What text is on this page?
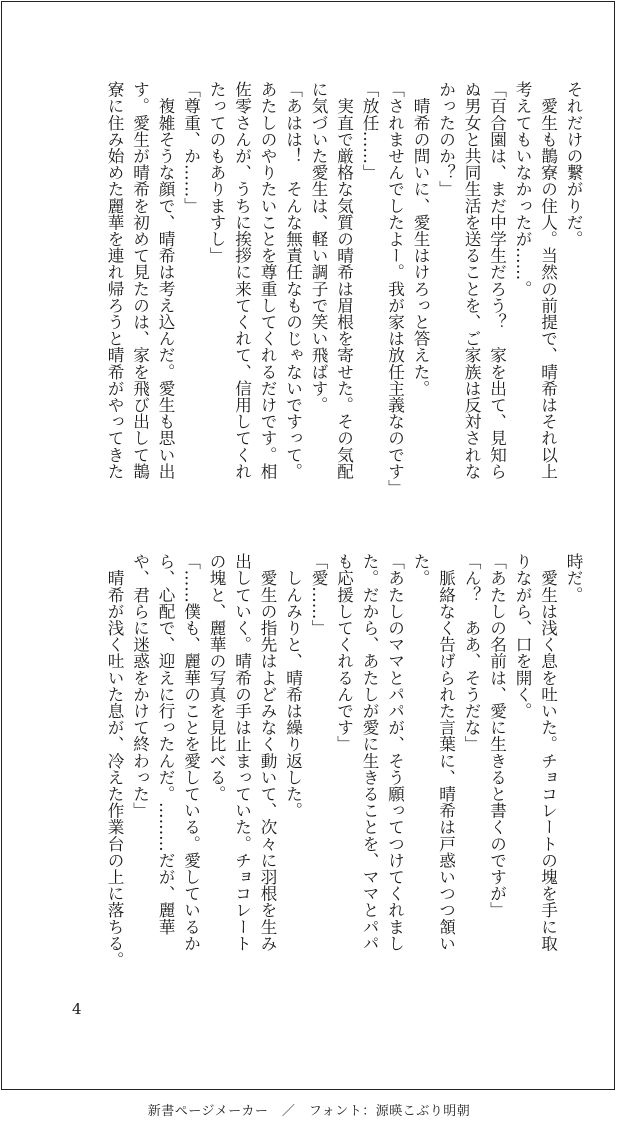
それだけの繋がりだ。
　愛生も鵲寮の住人。当然の前提で、晴希はそれ以上
考えてもいなかったが……。
「百合園は、まだ中学生だろう？　家を出て、見知ら
ぬ男女と共同生活を送ることを、ご家族は反対されな
かったのか？」
　晴希の問いに、愛生はけろっと答えた。
「されませんでしたよー。我が家は放任主義なのです」
「放任……」
　実直で厳格な気質の晴希は眉根を寄せた。その気配
に気づいた愛生は、軽い調子で笑い飛ばす。
「あはは！　そんな無責任なものじゃないですって。
あたしのやりたいことを尊重してくれるだけです。相
佐零さんが、うちに挨拶に来てくれて、信用してくれ
たってのもありますし」
「尊重、か……」
　複雑そうな顔で、晴希は考え込んだ。愛生も思い出
す。愛生が晴希を初めて見たのは、家を飛び出して鵲
寮に住み始めた麗華を連れ帰ろうと晴希がやってきた
時だ。
　愛生は浅く息を吐いた。チョコレートの塊を手に取
りながら、口を開く。
「あたしの名前は、愛に生きると書くのですが」
「ん？　ああ、そうだな」
　脈絡なく告げられた言葉に、晴希は戸惑いつつ頷い
た。
「あたしのママとパパが、そう願ってつけてくれまし
た。だから、あたしが愛に生きることを、ママとパパ
も応援してくれるんです」
「愛……」
　しんみりと、晴希は繰り返した。
　愛生の指先はよどみなく動いて、次々に羽根を生み
出していく。晴希の手は止まっていた。チョコレート
の塊と、麗華の写真を見比べる。
「……僕も、麗華のことを愛している。愛しているか
ら、心配で、迎えに行ったんだ。………だが、麗華
や、君らに迷惑をかけて終わった」
　晴希が浅く吐いた息が、冷えた作業台の上に落ちる。
4
新書ページメーカー　／　フォント：源暎こぶり明朝
